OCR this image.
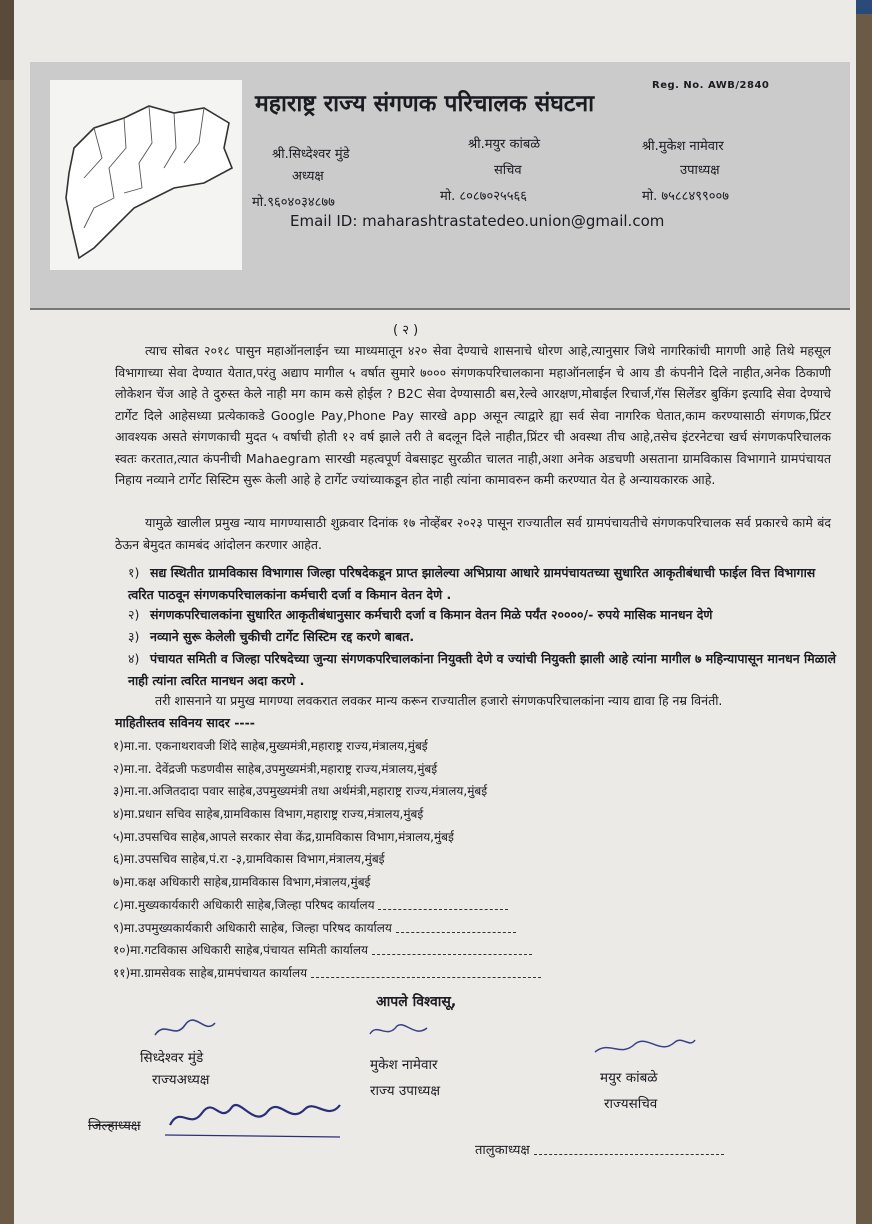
Reg. No. AWB/2840
महाराष्ट्र राज्य संगणक परिचालक संघटना
श्री.सिध्देश्वर मुंडे
अध्यक्ष
मो.९६०४०३४८७७
श्री.मयुर कांबळे
सचिव
मो. ८०८७०२५५६६
श्री.मुकेश नामेवार
उपाध्यक्ष
मो. ७५८८४९९००७
Email ID: maharashtrastatedeo.union@gmail.com
( २ )

त्याच सोबत २०१८ पासुन महाऑनलाईन च्या माध्यमातून ४२० सेवा देण्याचे शासनाचे धोरण आहे,त्यानुसार जिथे नागरिकांची मागणी आहे तिथे महसूल विभागाच्या सेवा देण्यात येतात,परंतु अद्याप मागील ५ वर्षात सुमारे ७००० संगणकपरिचालकाना महाऑनलाईन चे आय डी कंपनीने दिले नाहीत,अनेक ठिकाणी लोकेशन चेंज आहे ते दुरुस्त केले नाही मग काम कसे होईल ? B2C सेवा देण्यासाठी बस,रेल्वे आरक्षण,मोबाईल रिचार्ज,गॅस सिलेंडर बुकिंग इत्यादि सेवा देण्याचे टार्गेट दिले आहेसध्या प्रत्येकाकडे Google Pay,Phone Pay सारखे app असून त्याद्वारे ह्या सर्व सेवा नागरिक घेतात,काम करण्यासाठी संगणक,प्रिंटर आवश्यक असते संगणकाची मुदत ५ वर्षाची होती १२ वर्ष झाले तरी ते बदलून दिले नाहीत,प्रिंटर ची अवस्था तीच आहे,तसेच इंटरनेटचा खर्च संगणकपरिचालक स्वतः करतात,त्यात कंपनीची Mahaegram सारखी महत्वपूर्ण वेबसाइट सुरळीत चालत नाही,अशा अनेक अडचणी असताना ग्रामविकास विभागाने ग्रामपंचायत निहाय नव्याने टार्गेट सिस्टिम सुरू केली आहे हे टार्गेट ज्यांच्याकडून होत नाही त्यांना कामावरुन कमी करण्यात येत हे अन्यायकारक आहे.

यामुळे खालील प्रमुख न्याय मागण्यासाठी शुक्रवार दिनांक १७ नोव्हेंबर २०२३ पासून राज्यातील सर्व ग्रामपंचायतीचे संगणकपरिचालक सर्व प्रकारचे कामे बंद ठेऊन बेमुदत कामबंद आंदोलन करणार आहेत.

१) सद्य स्थितीत ग्रामविकास विभागास जिल्हा परिषदेकडून प्राप्त झालेल्या अभिप्राया आधारे ग्रामपंचायतच्या सुधारित आकृतीबंधाची फाईल वित्त विभागास त्वरित पाठवून संगणकपरिचालकांना कर्मचारी दर्जा व किमान वेतन देणे .
२) संगणकपरिचालकांना सुधारित आकृतीबंधानुसार कर्मचारी दर्जा व किमान वेतन मिळे पर्यंत २००००/- रुपये मासिक मानधन देणे
३) नव्याने सुरू केलेली चुकीची टार्गेट सिस्टिम रद्द करणे बाबत.
४) पंचायत समिती व जिल्हा परिषदेच्या जुन्या संगणकपरिचालकांना नियुक्ती देणे व ज्यांची नियुक्ती झाली आहे त्यांना मागील ७ महिन्यापासून मानधन मिळाले नाही त्यांना त्वरित मानधन अदा करणे .

तरी शासनाने या प्रमुख मागण्या लवकरात लवकर मान्य करून राज्यातील हजारो संगणकपरिचालकांना न्याय द्यावा हि नम्र विनंती.

माहितीस्तव सविनय सादर ----
१)मा.ना. एकनाथरावजी शिंदे साहेब,मुख्यमंत्री,महाराष्ट्र राज्य,मंत्रालय,मुंबई
२)मा.ना. देवेंद्रजी फडणवीस साहेब,उपमुख्यमंत्री,महाराष्ट्र राज्य,मंत्रालय,मुंबई
३)मा.ना.अजितदादा पवार साहेब,उपमुख्यमंत्री तथा अर्थमंत्री,महाराष्ट्र राज्य,मंत्रालय,मुंबई
४)मा.प्रधान सचिव साहेब,ग्रामविकास विभाग,महाराष्ट्र राज्य,मंत्रालय,मुंबई
५)मा.उपसचिव साहेब,आपले सरकार सेवा केंद्र,ग्रामविकास विभाग,मंत्रालय,मुंबई
६)मा.उपसचिव साहेब,पं.रा -३,ग्रामविकास विभाग,मंत्रालय,मुंबई
७)मा.कक्ष अधिकारी साहेब,ग्रामविकास विभाग,मंत्रालय,मुंबई
८)मा.मुख्यकार्यकारी अधिकारी साहेब,जिल्हा परिषद कार्यालय
९)मा.उपमुख्यकार्यकारी अधिकारी साहेब, जिल्हा परिषद कार्यालय
१०)मा.गटविकास अधिकारी साहेब,पंचायत समिती कार्यालय
११)मा.ग्रामसेवक साहेब,ग्रामपंचायत कार्यालय
आपले विश्वासू,
सिध्देश्वर मुंडे
राज्यअध्यक्ष
मुकेश नामेवार
राज्य उपाध्यक्ष
मयुर कांबळे
राज्यसचिव
जिल्हाध्यक्ष
तालुकाध्यक्ष
